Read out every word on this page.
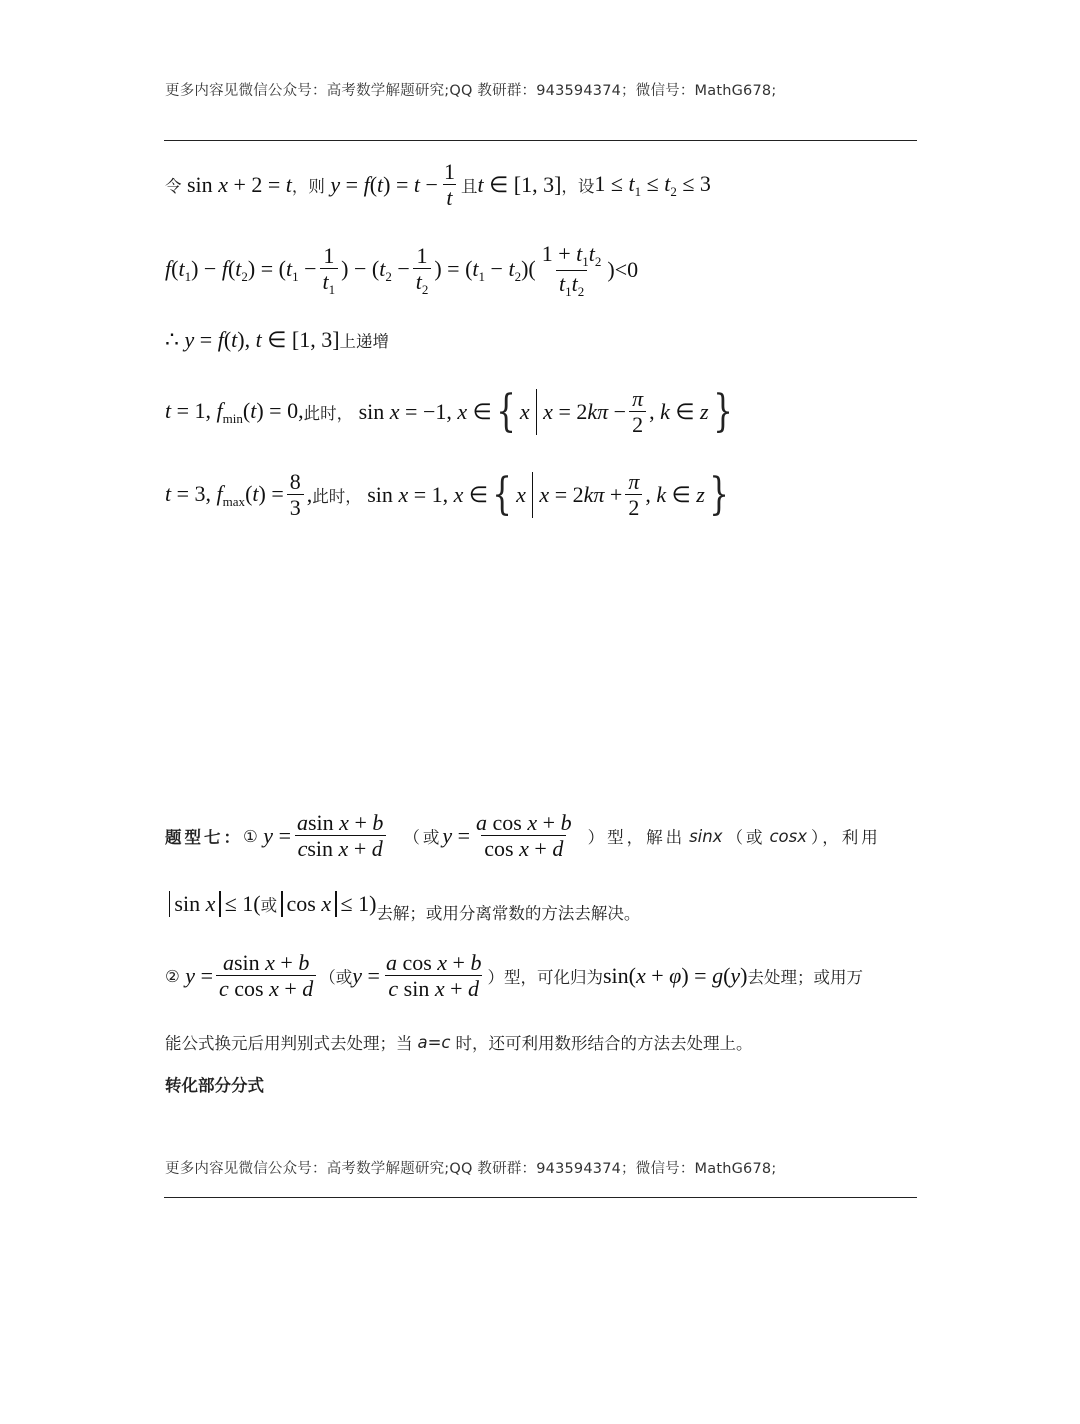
更多内容见微信公众号：高考数学解题研究;QQ 教研群：943594374；微信号：MathG678;
令 sin x + 2 = t ，则 $y = f(t) = t - \frac{1}{t}$ 且 t ∈ [1, 3] ，设 $1 \le t_1 \le t_2 \le 3$
$f(t_1) - f(t_2) = (t_1 - \frac{1}{t_1}$ ) − ($t_2 - \frac{1}{t_2}$ ) = $(t_1 - t_2)( \frac{1 + t_1t_2}{t_1t_2} )<0$
∴ y = f(t), t ∈ [1, 3] 上递增
t = 1, $f_{min}(t) = 0$, 此时， sin x = −1, x ∈ { x $x = 2k\pi - \frac{\pi}{2}$ , k ∈ z }
t = 3, $f_{max}(t) = \frac{8}{3}$ , 此时， sin x = 1, x ∈ { x $x = 2k\pi + \frac{\pi}{2}$ , k ∈ z }
题型七： ① $y = \frac{\text{asin x + b}}{\text{csin x + d}}$ （或 $y = \frac{\text{a cos x + b}}{\text{cos x + d}}$ ）型，解出 sinx （或 cosx ），利用
sin x ≤ 1( 或 cos x ≤ 1) 去解；或用分离常数的方法去解决。
② $y = \frac{\text{asin x + b}}{\text{c cos x + d}}$ （或 $y = \frac{\text{a cos x + b}}{\text{c sin x + d}}$ ）型，可化归为 sin(x + φ) = g(y) 去处理；或用万
能公式换元后用判别式去处理；当 a=c 时，还可利用数形结合的方法去处理上。
转化部分分式
更多内容见微信公众号：高考数学解题研究;QQ 教研群：943594374；微信号：MathG678;
